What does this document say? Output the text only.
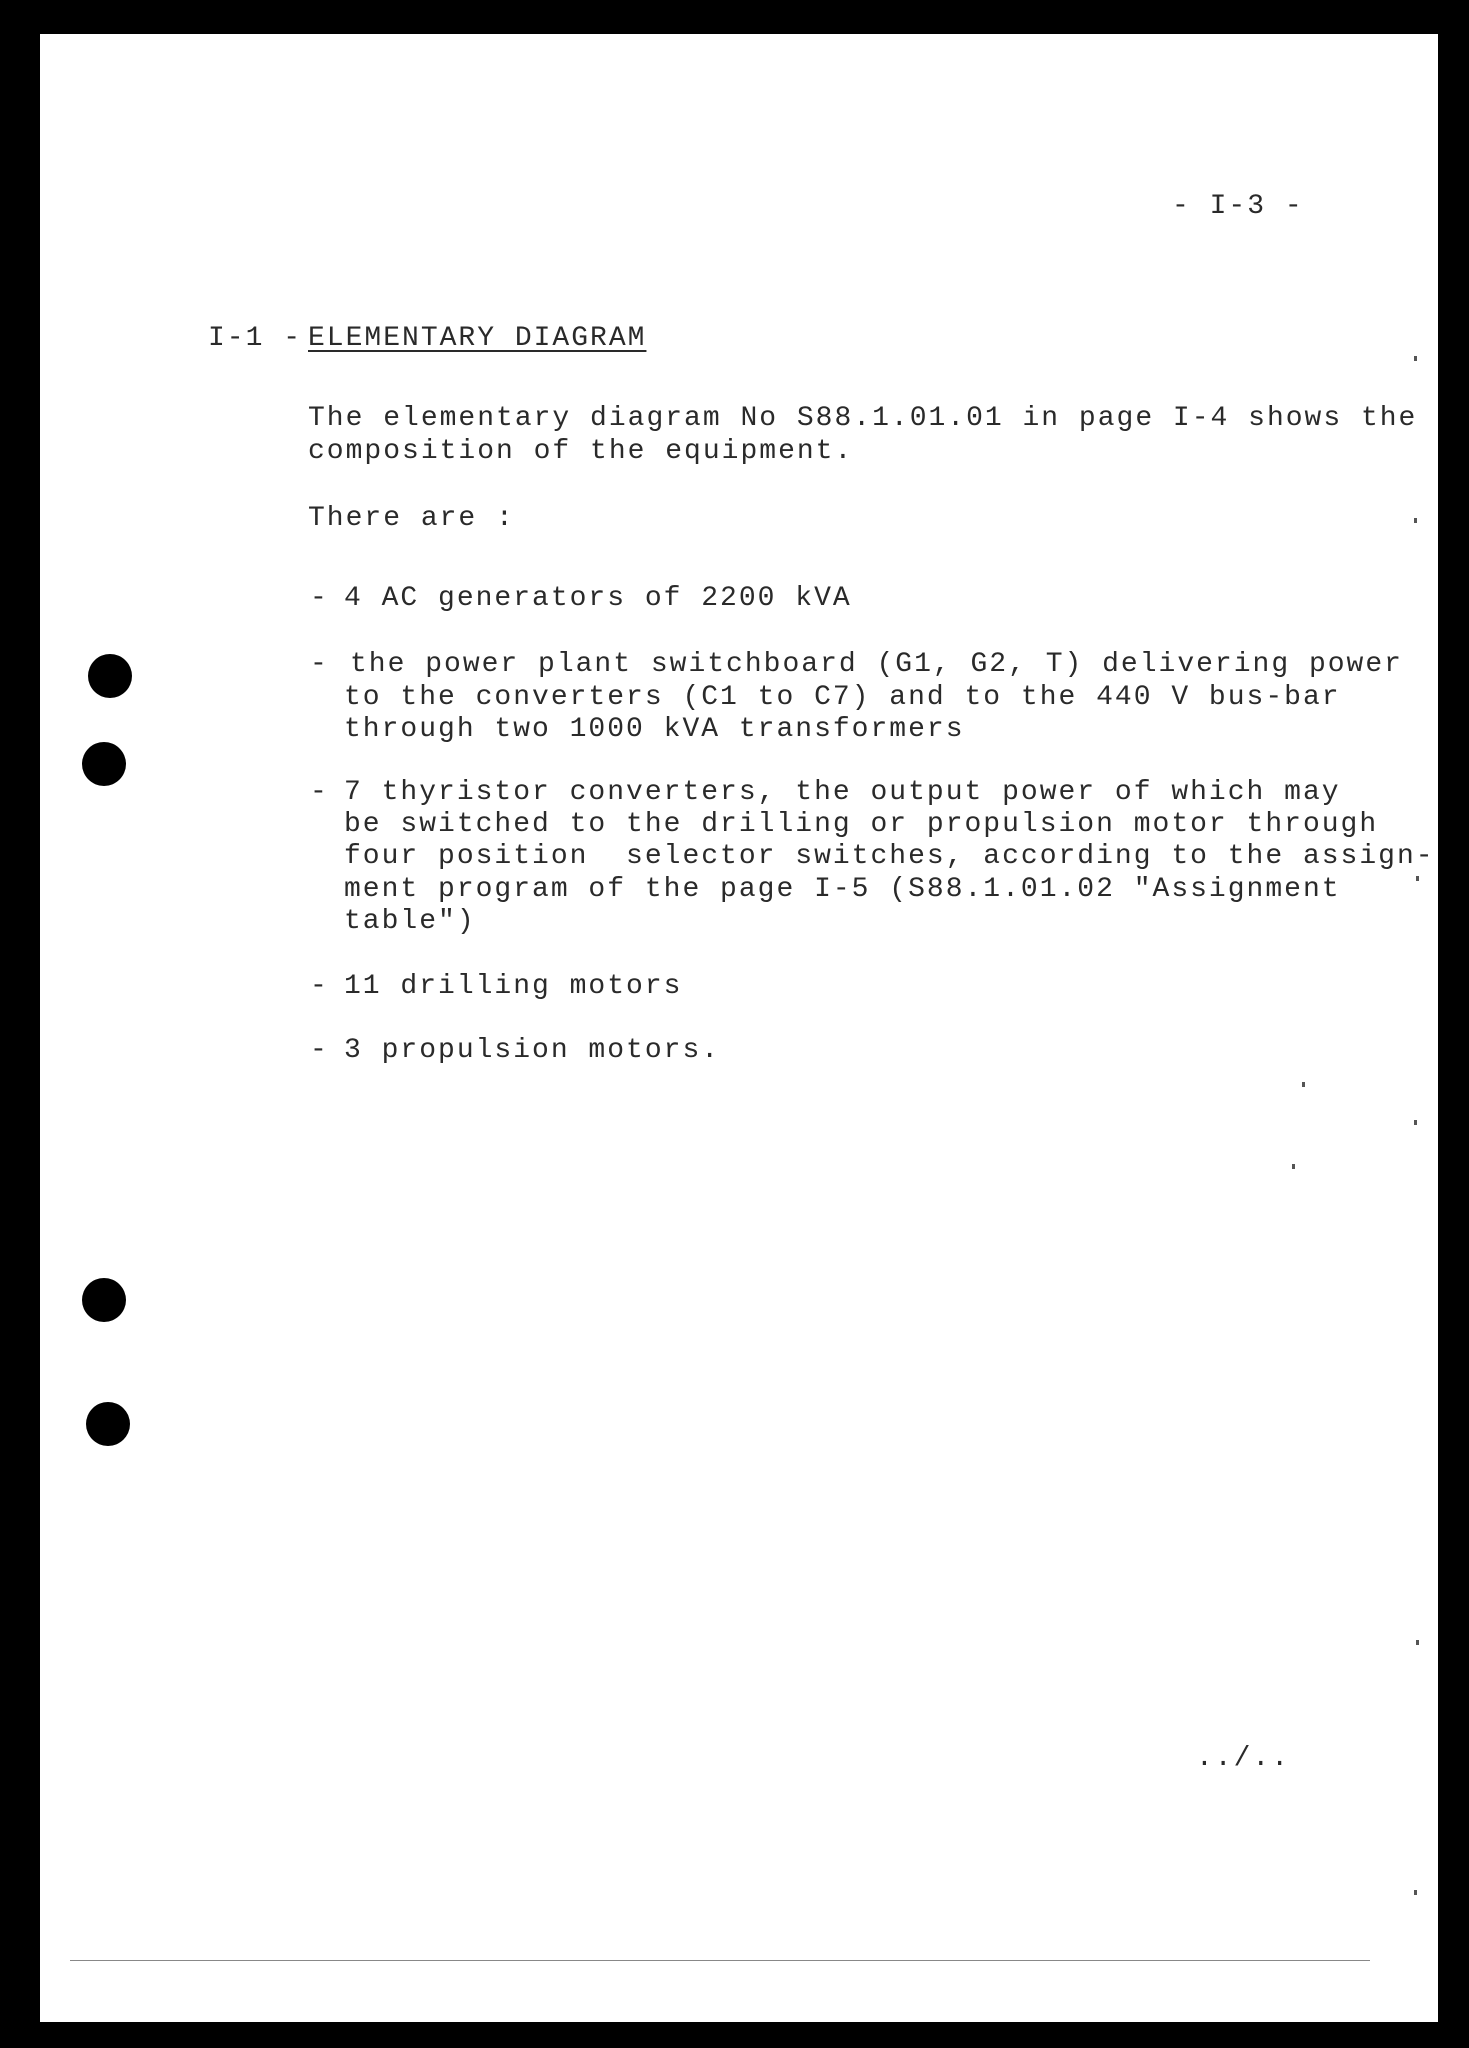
- I-3 -
I-1 - ELEMENTARY DIAGRAM
The elementary diagram No S88.1.01.01 in page I-4 shows the
composition of the equipment.
There are :
- 4 AC generators of 2200 kVA
- the power plant switchboard (G1, G2, T) delivering power
to the converters (C1 to C7) and to the 440 V bus-bar
through two 1000 kVA transformers
- 7 thyristor converters, the output power of which may
be switched to the drilling or propulsion motor through
four position  selector switches, according to the assign-
ment program of the page I-5 (S88.1.01.02 "Assignment
table")
- 11 drilling motors
- 3 propulsion motors.
../..
